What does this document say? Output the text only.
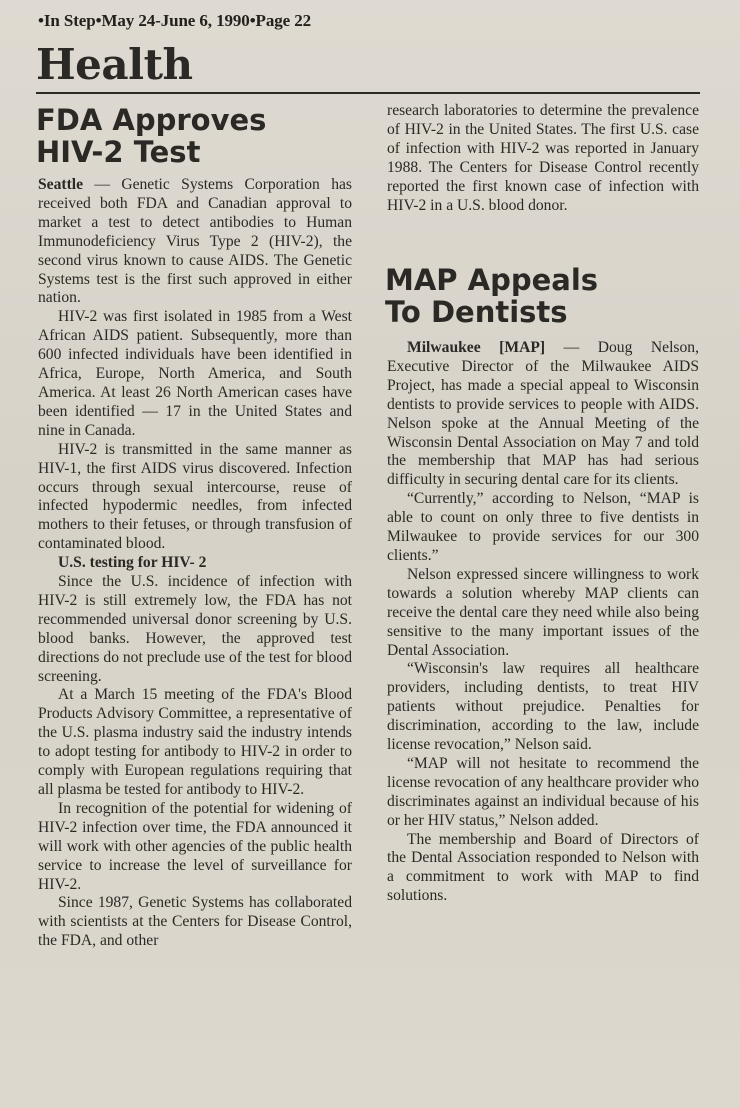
•In Step•May 24-June 6, 1990•Page 22
Health
FDA Approves
HIV-2 Test

Seattle — Genetic Systems Corporation has received both FDA and Canadian approval to market a test to detect antibodies to Human Immunodeficiency Virus Type 2 (HIV-2), the second virus known to cause AIDS. The Genetic Systems test is the first such approved in either nation.

HIV-2 was first isolated in 1985 from a West African AIDS patient. Subsequently, more than 600 infected individuals have been identified in Africa, Europe, North America, and South America. At least 26 North American cases have been identified — 17 in the United States and nine in Canada.

HIV-2 is transmitted in the same manner as HIV-1, the first AIDS virus discovered. Infection occurs through sexual intercourse, reuse of infected hypodermic needles, from infected mothers to their fetuses, or through transfusion of contaminated blood.

U.S. testing for HIV- 2

Since the U.S. incidence of infection with HIV-2 is still extremely low, the FDA has not recommended universal donor screening by U.S. blood banks. However, the approved test directions do not preclude use of the test for blood screening.

At a March 15 meeting of the FDA's Blood Products Advisory Committee, a representative of the U.S. plasma industry said the industry intends to adopt testing for antibody to HIV-2 in order to comply with European regulations requiring that all plasma be tested for antibody to HIV-2.

In recognition of the potential for widening of HIV-2 infection over time, the FDA announced it will work with other agencies of the public health service to increase the level of surveillance for HIV-2.

Since 1987, Genetic Systems has collaborated with scientists at the Centers for Disease Control, the FDA, and other

research laboratories to determine the prevalence of HIV-2 in the United States. The first U.S. case of infection with HIV-2 was reported in January 1988. The Centers for Disease Control recently reported the first known case of infection with HIV-2 in a U.S. blood donor.

MAP Appeals
To Dentists

Milwaukee [MAP] — Doug Nelson, Executive Director of the Milwaukee AIDS Project, has made a special appeal to Wisconsin dentists to provide services to people with AIDS. Nelson spoke at the Annual Meeting of the Wisconsin Dental Association on May 7 and told the membership that MAP has had serious difficulty in securing dental care for its clients.

“Currently,” according to Nelson, “MAP is able to count on only three to five dentists in Milwaukee to provide services for our 300 clients.”

Nelson expressed sincere willingness to work towards a solution whereby MAP clients can receive the dental care they need while also being sensitive to the many important issues of the Dental Association.

“Wisconsin's law requires all healthcare providers, including dentists, to treat HIV patients without prejudice. Penalties for discrimination, according to the law, include license revocation,” Nelson said.

“MAP will not hesitate to recommend the license revocation of any healthcare provider who discriminates against an individual because of his or her HIV status,” Nelson added.

The membership and Board of Directors of the Dental Association responded to Nelson with a commitment to work with MAP to find solutions.
